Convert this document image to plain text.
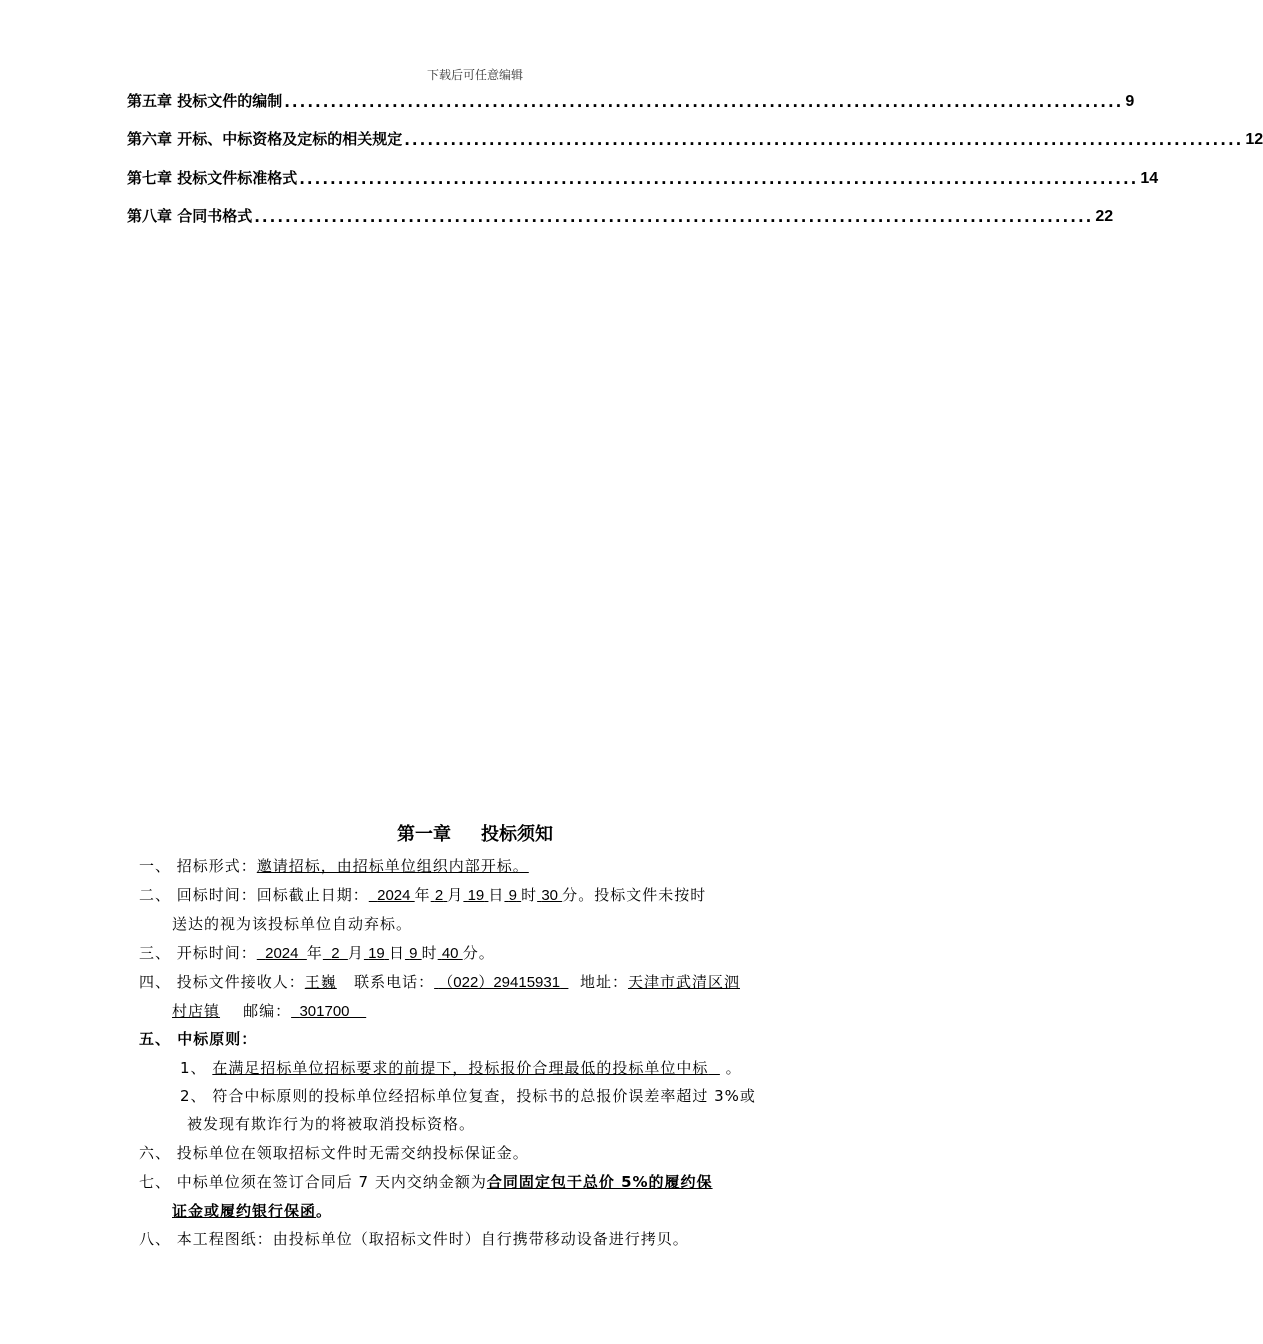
下载后可任意编辑
第五章 投标文件的编制 ............................................................................................................. 9
第六章 开标、中标资格及定标的相关规定 ............................................................................................................. 12
第七章 投标文件标准格式 ............................................................................................................. 14
第八章 合同书格式 ............................................................................................................. 22
第一章 投标须知
一、 招标形式：邀请招标，由招标单位组织内部开标。
二、 回标时间：回标截止日期： 2024 年 2 月 19 日 9 时 30 分。投标文件未按时
送达的视为该投标单位自动弃标。
三、 开标时间： 2024 年 2 月 19 日 9 时 40 分。
四、 投标文件接收人：王巍 联系电话： （022）29415931 地址：天津市武清区泗
村店镇 邮编： 301700
五、 中标原则：
1、 在满足招标单位招标要求的前提下，投标报价合理最低的投标单位中标 。
2、 符合中标原则的投标单位经招标单位复查，投标书的总报价误差率超过 3%或
被发现有欺诈行为的将被取消投标资格。
六、 投标单位在领取招标文件时无需交纳投标保证金。
七、 中标单位须在签订合同后 7 天内交纳金额为合同固定包干总价 5%的履约保
证金或履约银行保函。
八、 本工程图纸：由投标单位（取招标文件时）自行携带移动设备进行拷贝。
